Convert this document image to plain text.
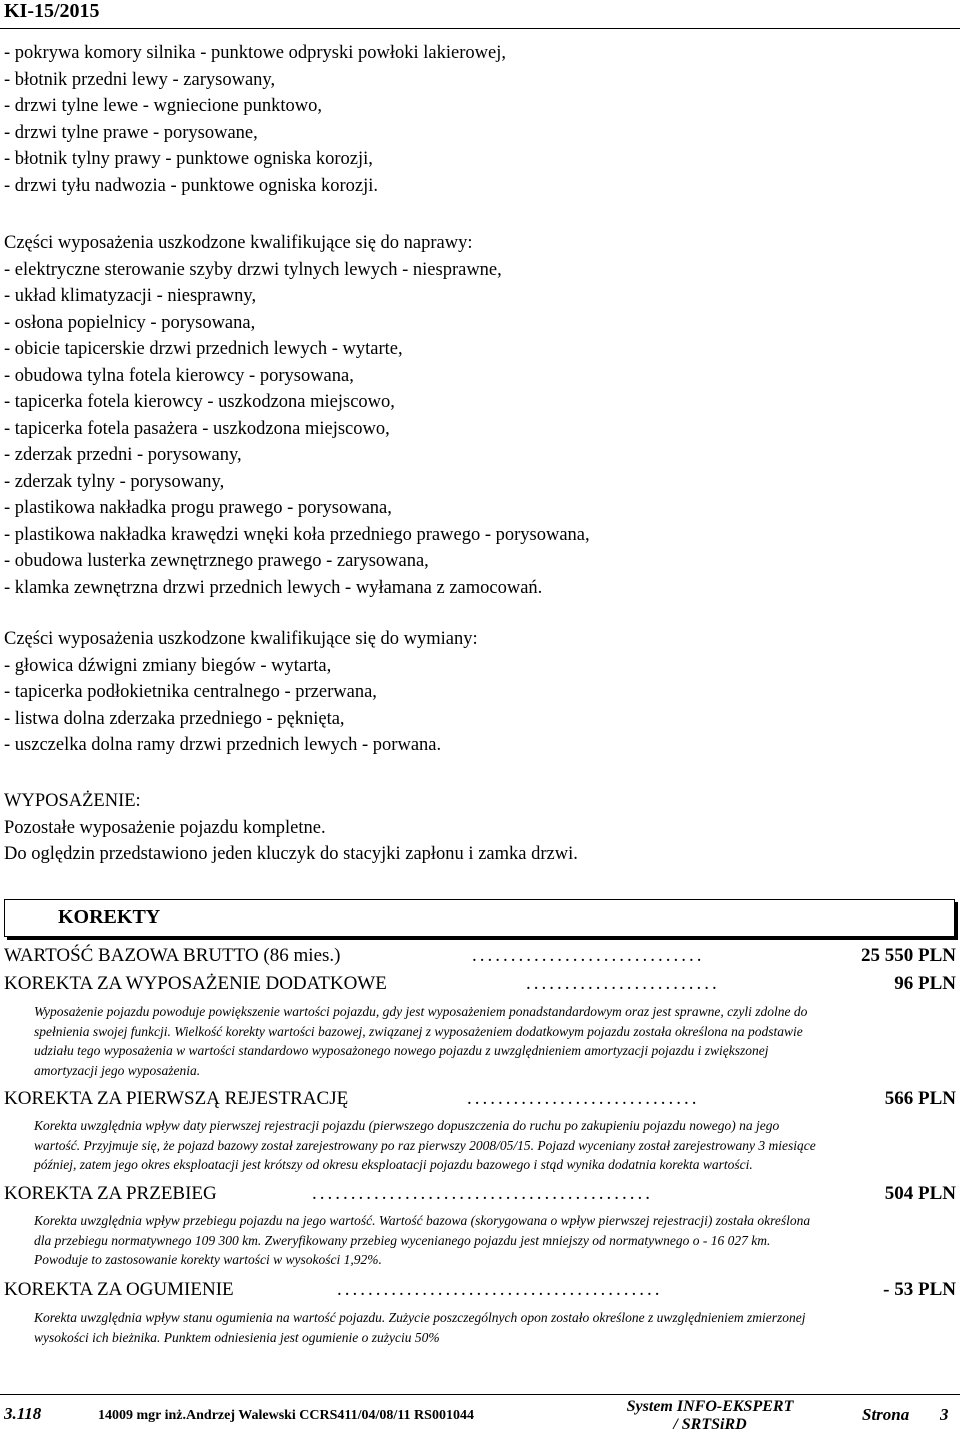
KI-15/2015
- pokrywa komory silnika - punktowe odpryski powłoki lakierowej,
- błotnik przedni lewy - zarysowany,
- drzwi tylne lewe - wgniecione punktowo,
- drzwi tylne prawe - porysowane,
- błotnik tylny prawy - punktowe ogniska korozji,
- drzwi tyłu nadwozia - punktowe ogniska korozji.
Części wyposażenia uszkodzone kwalifikujące się do naprawy:
- elektryczne sterowanie szyby drzwi tylnych lewych - niesprawne,
- układ klimatyzacji - niesprawny,
- osłona popielnicy - porysowana,
- obicie tapicerskie drzwi przednich lewych - wytarte,
- obudowa tylna fotela kierowcy - porysowana,
- tapicerka fotela kierowcy - uszkodzona miejscowo,
- tapicerka fotela pasażera - uszkodzona miejscowo,
- zderzak przedni - porysowany,
- zderzak tylny - porysowany,
- plastikowa nakładka progu prawego - porysowana,
- plastikowa nakładka krawędzi wnęki koła przedniego prawego - porysowana,
- obudowa lusterka zewnętrznego prawego - zarysowana,
- klamka zewnętrzna drzwi przednich lewych - wyłamana z zamocowań.
Części wyposażenia uszkodzone kwalifikujące się do wymiany:
- głowica dźwigni zmiany biegów - wytarta,
- tapicerka podłokietnika centralnego - przerwana,
- listwa dolna zderzaka przedniego - pęknięta,
- uszczelka dolna ramy drzwi przednich lewych - porwana.
WYPOSAŻENIE:
Pozostałe wyposażenie pojazdu kompletne.
Do oględzin przedstawiono jeden kluczyk do stacyjki zapłonu i zamka drzwi.
KOREKTY
WARTOŚĆ BAZOWA BRUTTO (86 mies.)	..............................	25 550 PLN
KOREKTA ZA WYPOSAŻENIE DODATKOWE	.........................	96 PLN
Wyposażenie pojazdu powoduje powiększenie wartości pojazdu, gdy jest wyposażeniem ponadstandardowym oraz jest sprawne, czyli zdolne do
spełnienia swojej funkcji. Wielkość korekty wartości bazowej, związanej z wyposażeniem dodatkowym pojazdu została określona na podstawie
udziału tego wyposażenia w wartości standardowo wyposażonego nowego pojazdu z uwzględnieniem amortyzacji pojazdu i zwiększonej
amortyzacji jego wyposażenia.
KOREKTA ZA PIERWSZĄ REJESTRACJĘ	..............................	566 PLN
Korekta uwzględnia wpływ daty pierwszej rejestracji pojazdu (pierwszego dopuszczenia do ruchu po zakupieniu pojazdu nowego) na jego
wartość. Przyjmuje się, że pojazd bazowy został zarejestrowany po raz pierwszy 2008/05/15. Pojazd wyceniany został zarejestrowany 3 miesiące
później, zatem jego okres eksploatacji jest krótszy od okresu eksploatacji pojazdu bazowego i stąd wynika dodatnia korekta wartości.
KOREKTA ZA PRZEBIEG	............................................	504 PLN
Korekta uwzględnia wpływ przebiegu pojazdu na jego wartość. Wartość bazowa (skorygowana o wpływ pierwszej rejestracji) została określona
dla przebiegu normatywnego 109 300 km. Zweryfikowany przebieg wycenianego pojazdu jest mniejszy od normatywnego o - 16 027 km.
Powoduje to zastosowanie korekty wartości w wysokości 1,92%.
KOREKTA ZA OGUMIENIE	..........................................	- 53 PLN
Korekta uwzględnia wpływ stanu ogumienia na wartość pojazdu. Zużycie poszczególnych opon zostało określone z uwzględnieniem zmierzonej
wysokości ich bieżnika. Punktem odniesienia jest ogumienie o zużyciu 50%
3.118	14009 mgr inż.Andrzej Walewski CCRS411/04/08/11 RS001044
System INFO-EKSPERT
/ SRTSiRD
Strona 3
